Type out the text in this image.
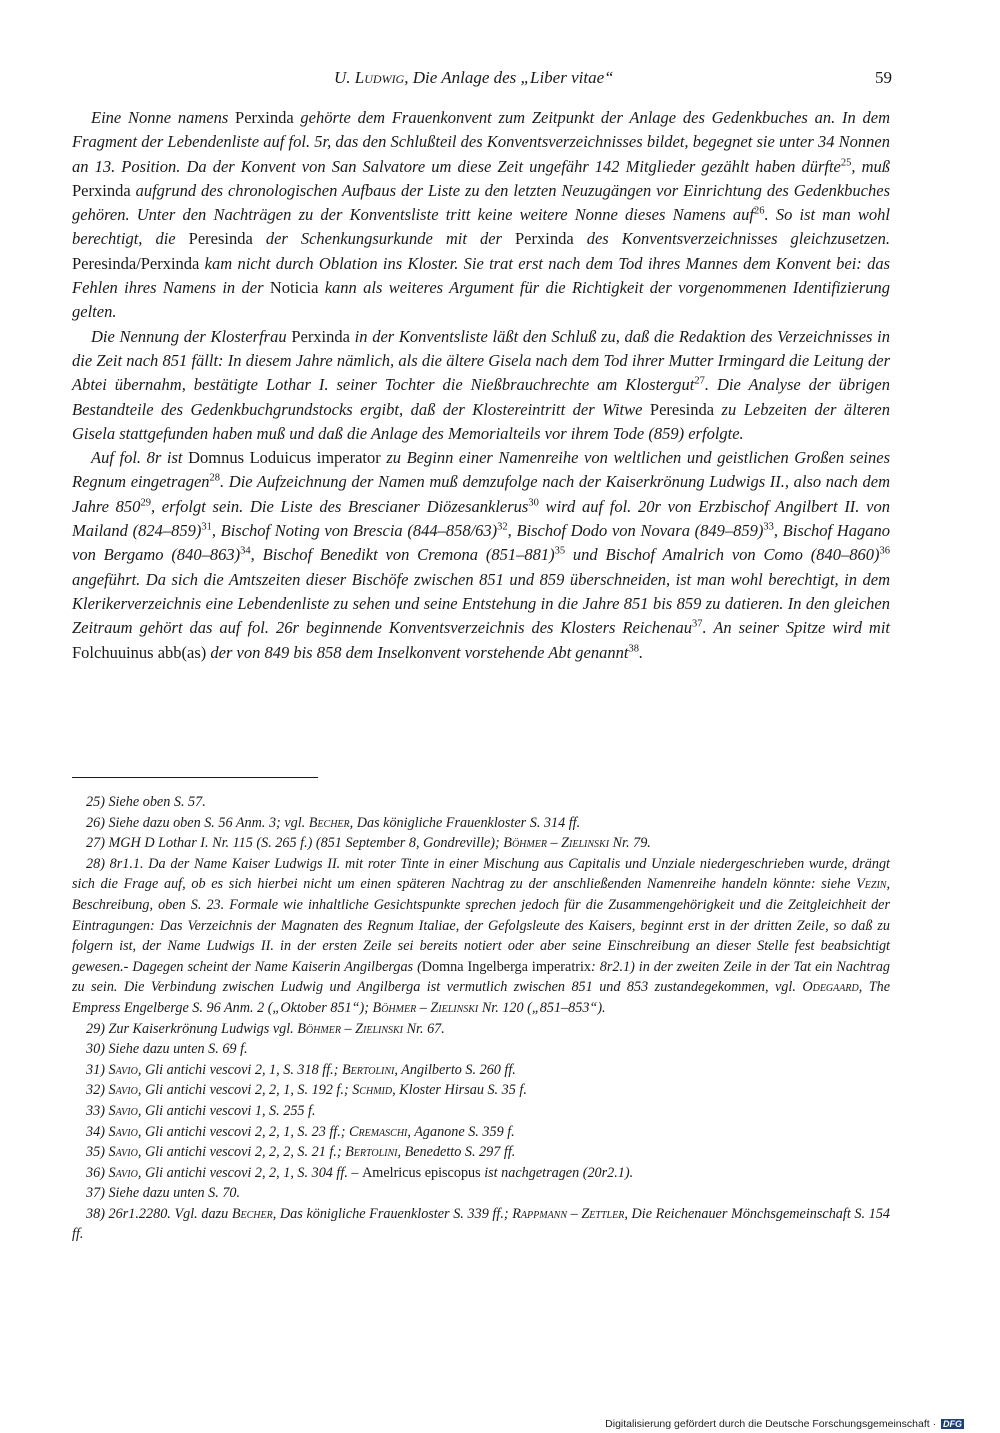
U. Ludwig, Die Anlage des „Liber vitae“	59

Eine Nonne namens Perxinda gehörte dem Frauenkonvent zum Zeitpunkt der Anlage des Gedenkbuches an. In dem Fragment der Lebendenliste auf fol. 5r, das den Schlußteil des Konventsverzeichnisses bildet, begegnet sie unter 34 Nonnen an 13. Position. Da der Konvent von San Salvatore um diese Zeit ungefähr 142 Mitglieder gezählt haben dürfte$^{25}$, muß Perxinda aufgrund des chronologischen Aufbaus der Liste zu den letzten Neuzugängen vor Einrichtung des Gedenkbuches gehören. Unter den Nachträgen zu der Konventsliste tritt keine weitere Nonne dieses Namens auf$^{26}$. So ist man wohl berechtigt, die Peresinda der Schenkungsurkunde mit der Perxinda des Konventsverzeichnisses gleichzusetzen. Peresinda/Perxinda kam nicht durch Oblation ins Kloster. Sie trat erst nach dem Tod ihres Mannes dem Konvent bei: das Fehlen ihres Namens in der Noticia kann als weiteres Argument für die Richtigkeit der vorgenommenen Identifizierung gelten.

Die Nennung der Klosterfrau Perxinda in der Konventsliste läßt den Schluß zu, daß die Redaktion des Verzeichnisses in die Zeit nach 851 fällt: In diesem Jahre nämlich, als die ältere Gisela nach dem Tod ihrer Mutter Irmingard die Leitung der Abtei übernahm, bestätigte Lothar I. seiner Tochter die Nießbrauchrechte am Klostergut$^{27}$. Die Analyse der übrigen Bestandteile des Gedenkbuchgrundstocks ergibt, daß der Klostereintritt der Witwe Peresinda zu Lebzeiten der älteren Gisela stattgefunden haben muß und daß die Anlage des Memorialteils vor ihrem Tode (859) erfolgte.

Auf fol. 8r ist Domnus Loduicus imperator zu Beginn einer Namenreihe von weltlichen und geistlichen Großen seines Regnum eingetragen$^{28}$. Die Aufzeichnung der Namen muß demzufolge nach der Kaiserkrönung Ludwigs II., also nach dem Jahre $850^{29}$, erfolgt sein. Die Liste des Brescianer Diözesanklerus$^{30}$ wird auf fol. 20r von Erzbischof Angilbert II. von Mailand $(824-859)^{31}$, Bischof Noting von Brescia $(844-858/63)^{32}$, Bischof Dodo von Novara $(849-859)^{33}$, Bischof Hagano von Bergamo $(840-863)^{34}$, Bischof Benedikt von Cremona $(851-881)^{35}$ und Bischof Amalrich von Como $(840-860)^{36}$ angeführt. Da sich die Amtszeiten dieser Bischöfe zwischen 851 und 859 überschneiden, ist man wohl berechtigt, in dem Klerikerverzeichnis eine Lebendenliste zu sehen und seine Entstehung in die Jahre 851 bis 859 zu datieren. In den gleichen Zeitraum gehört das auf fol. 26r beginnende Konventsverzeichnis des Klosters Reichenau$^{37}$. An seiner Spitze wird mit Folchuuinus abb(as) der von 849 bis 858 dem Inselkonvent vorstehende Abt genannt$^{38}$.

25) Siehe oben S. 57.

26) Siehe dazu oben S. 56 Anm. 3; vgl. Becher, Das königliche Frauenkloster S. 314 ff.

27) MGH D Lothar I. Nr. 115 (S. 265 f.) (851 September 8, Gondreville); Böhmer – Zielinski Nr. 79.

28) 8r1.1. Da der Name Kaiser Ludwigs II. mit roter Tinte in einer Mischung aus Capitalis und Unziale niedergeschrieben wurde, drängt sich die Frage auf, ob es sich hierbei nicht um einen späteren Nachtrag zu der anschließenden Namenreihe handeln könnte: siehe Vezin, Beschreibung, oben S. 23. Formale wie inhaltliche Gesichtspunkte sprechen jedoch für die Zusammengehörigkeit und die Zeitgleichheit der Eintragungen: Das Verzeichnis der Magnaten des Regnum Italiae, der Gefolgsleute des Kaisers, beginnt erst in der dritten Zeile, so daß zu folgern ist, der Name Ludwigs II. in der ersten Zeile sei bereits notiert oder aber seine Einschreibung an dieser Stelle fest beabsichtigt gewesen.- Dagegen scheint der Name Kaiserin Angilbergas (Domna Ingelberga imperatrix: 8r2.1) in der zweiten Zeile in der Tat ein Nachtrag zu sein. Die Verbindung zwischen Ludwig und Angilberga ist vermutlich zwischen 851 und 853 zustandegekommen, vgl. Odegaard, The Empress Engelberge S. 96 Anm. 2 („Oktober 851“); Böhmer – Zielinski Nr. 120 („851–853“).

29) Zur Kaiserkrönung Ludwigs vgl. Böhmer – Zielinski Nr. 67.

30) Siehe dazu unten S. 69 f.

31) Savio, Gli antichi vescovi 2, 1, S. 318 ff.; Bertolini, Angilberto S. 260 ff.

32) Savio, Gli antichi vescovi 2, 2, 1, S. 192 f.; Schmid, Kloster Hirsau S. 35 f.

33) Savio, Gli antichi vescovi 1, S. 255 f.

34) Savio, Gli antichi vescovi 2, 2, 1, S. 23 ff.; Cremaschi, Aganone S. 359 f.

35) Savio, Gli antichi vescovi 2, 2, 2, S. 21 f.; Bertolini, Benedetto S. 297 ff.

36) Savio, Gli antichi vescovi 2, 2, 1, S. 304 ff. – Amelricus episcopus ist nachgetragen (20r2.1).

37) Siehe dazu unten S. 70.

38) 26r1.2280. Vgl. dazu Becher, Das königliche Frauenkloster S. 339 ff.; Rappmann – Zettler, Die Reichenauer Mönchsgemeinschaft S. 154 ff.

Digitalisierung gefördert durch die Deutsche Forschungsgemeinschaft · DFG
